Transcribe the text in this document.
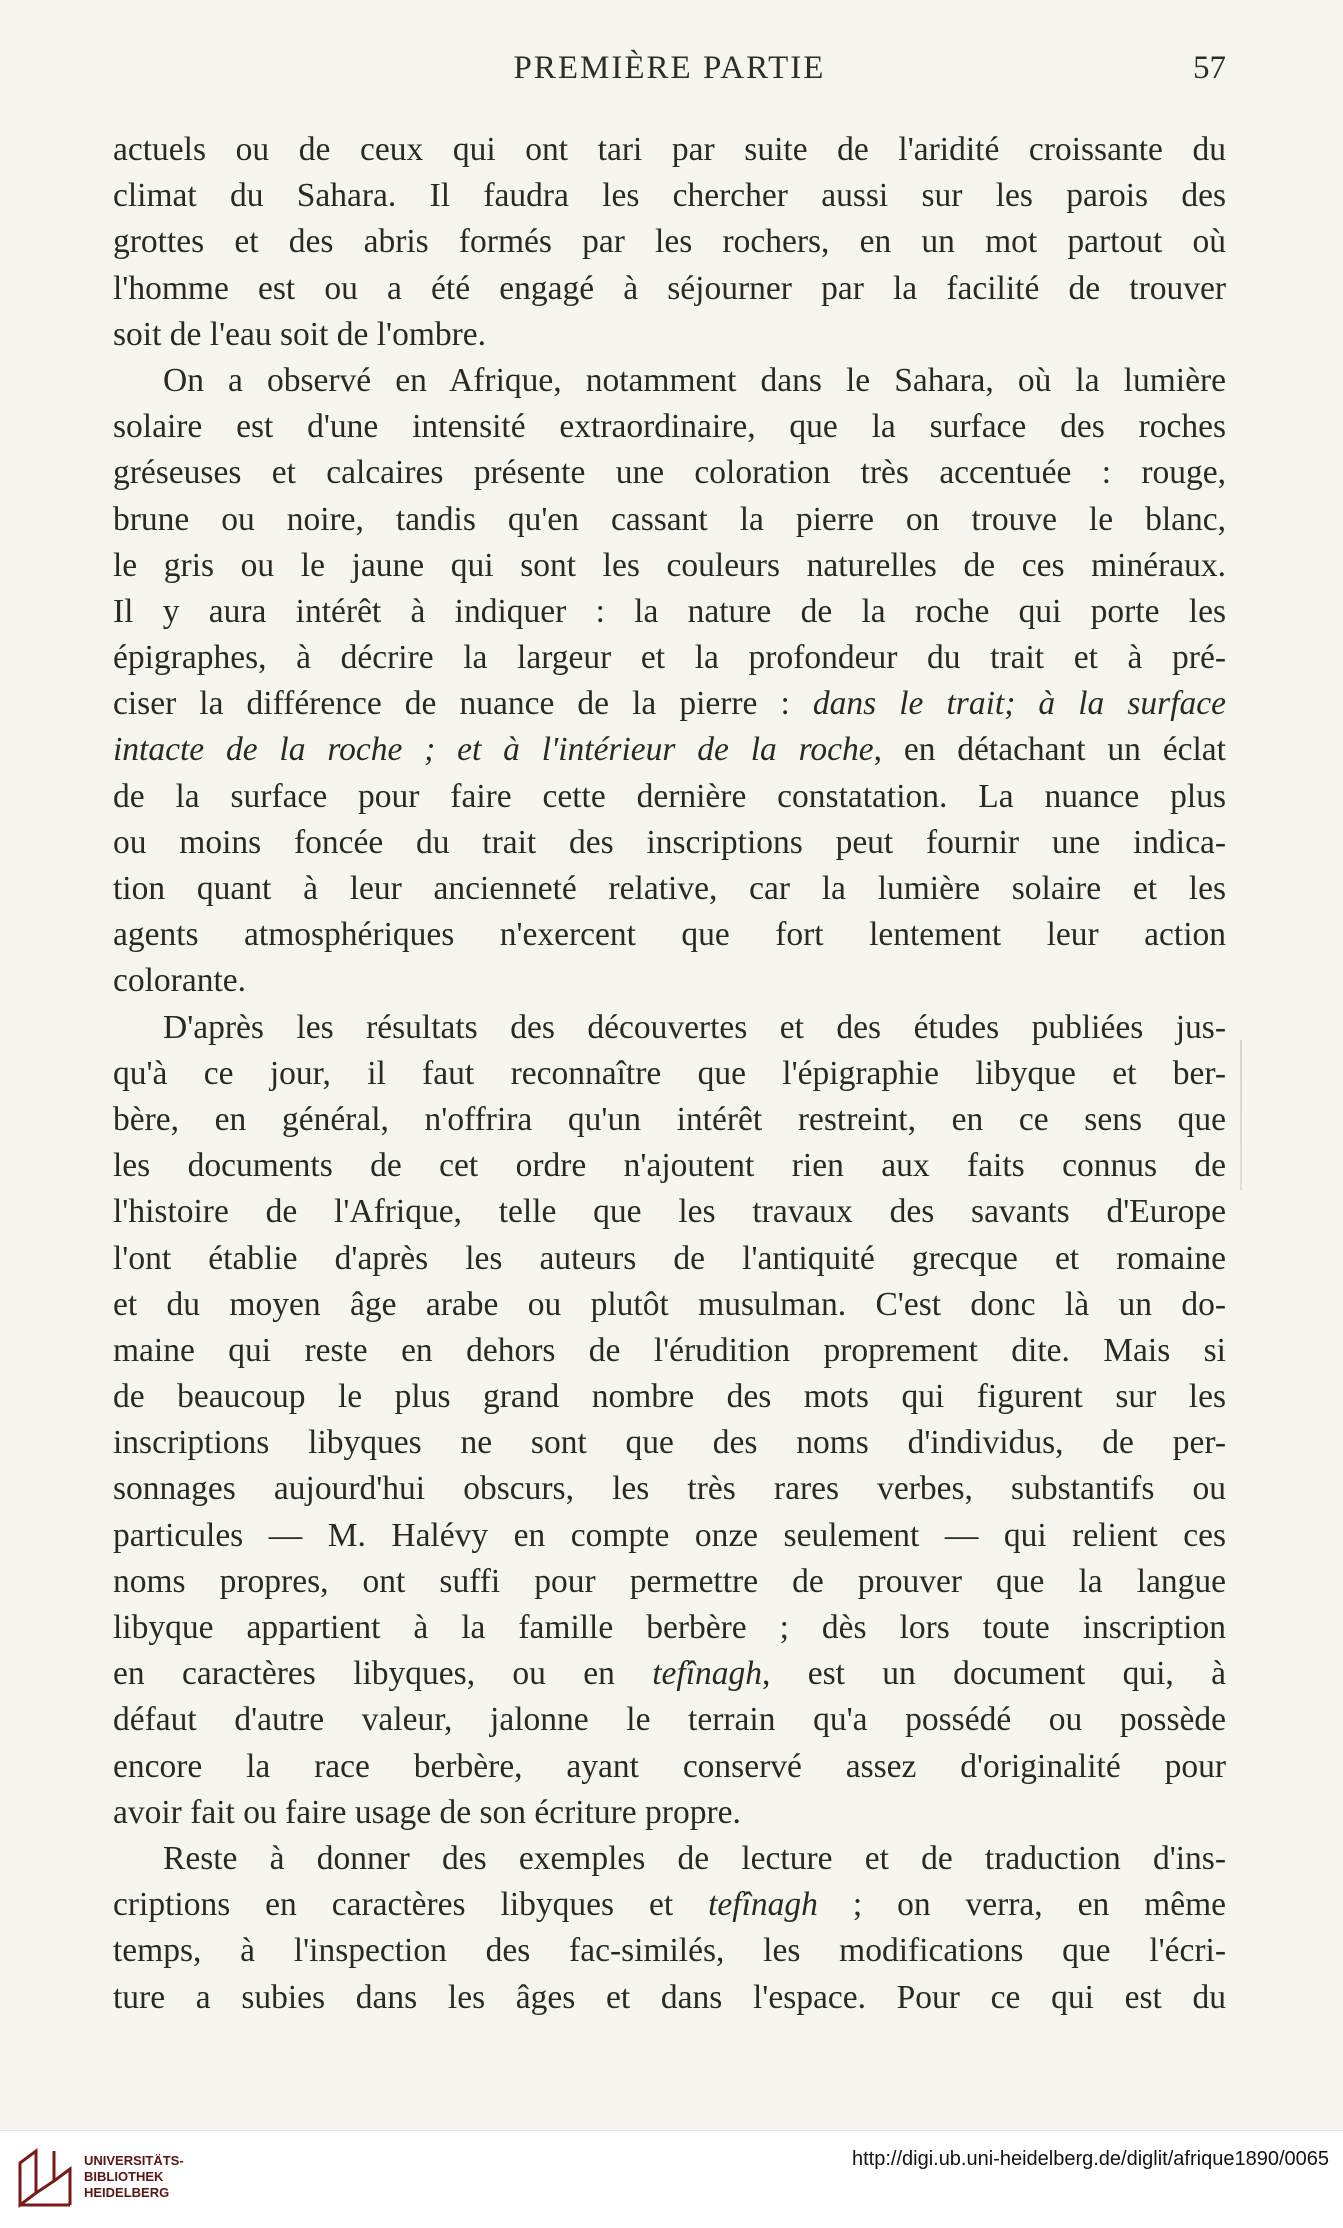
PREMIÈRE PARTIE	57
actuels ou de ceux qui ont tari par suite de l'aridité croissante du
climat du Sahara. Il faudra les chercher aussi sur les parois des
grottes et des abris formés par les rochers, en un mot partout où
l'homme est ou a été engagé à séjourner par la facilité de trouver
soit de l'eau soit de l'ombre.
On a observé en Afrique, notamment dans le Sahara, où la lumière
solaire est d'une intensité extraordinaire, que la surface des roches
gréseuses et calcaires présente une coloration très accentuée : rouge,
brune ou noire, tandis qu'en cassant la pierre on trouve le blanc,
le gris ou le jaune qui sont les couleurs naturelles de ces minéraux.
Il y aura intérêt à indiquer : la nature de la roche qui porte les
épigraphes, à décrire la largeur et la profondeur du trait et à pré-
ciser la différence de nuance de la pierre : dans le trait; à la surface
intacte de la roche ; et à l'intérieur de la roche, en détachant un éclat
de la surface pour faire cette dernière constatation. La nuance plus
ou moins foncée du trait des inscriptions peut fournir une indica-
tion quant à leur ancienneté relative, car la lumière solaire et les
agents atmosphériques n'exercent que fort lentement leur action
colorante.
D'après les résultats des découvertes et des études publiées jus-
qu'à ce jour, il faut reconnaître que l'épigraphie libyque et ber-
bère, en général, n'offrira qu'un intérêt restreint, en ce sens que
les documents de cet ordre n'ajoutent rien aux faits connus de
l'histoire de l'Afrique, telle que les travaux des savants d'Europe
l'ont établie d'après les auteurs de l'antiquité grecque et romaine
et du moyen âge arabe ou plutôt musulman. C'est donc là un do-
maine qui reste en dehors de l'érudition proprement dite. Mais si
de beaucoup le plus grand nombre des mots qui figurent sur les
inscriptions libyques ne sont que des noms d'individus, de per-
sonnages aujourd'hui obscurs, les très rares verbes, substantifs ou
particules — M. Halévy en compte onze seulement — qui relient ces
noms propres, ont suffi pour permettre de prouver que la langue
libyque appartient à la famille berbère ; dès lors toute inscription
en caractères libyques, ou en tefînagh, est un document qui, à
défaut d'autre valeur, jalonne le terrain qu'a possédé ou possède
encore la race berbère, ayant conservé assez d'originalité pour
avoir fait ou faire usage de son écriture propre.
Reste à donner des exemples de lecture et de traduction d'ins-
criptions en caractères libyques et tefînagh ; on verra, en même
temps, à l'inspection des fac-similés, les modifications que l'écri-
ture a subies dans les âges et dans l'espace. Pour ce qui est du
UNIVERSITÄTS-
BIBLIOTHEK
HEIDELBERG
http://digi.ub.uni-heidelberg.de/diglit/afrique1890/0065
